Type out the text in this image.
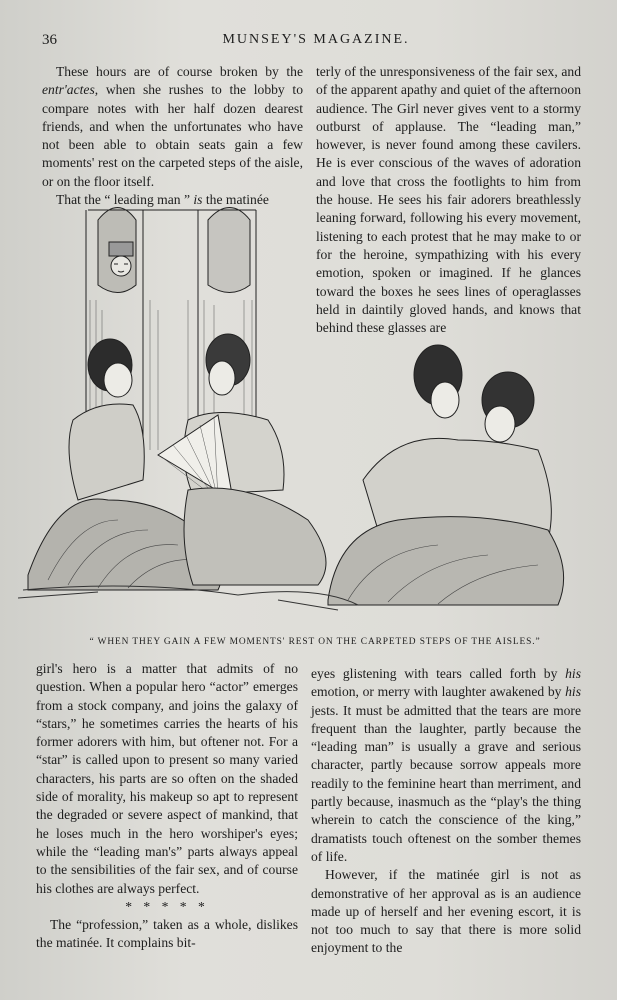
36	MUNSEY'S MAGAZINE.

These hours are of course broken by the entr'actes, when she rushes to the lobby to compare notes with her half dozen dearest friends, and when the unfortunates who have not been able to obtain seats gain a few moments' rest on the carpeted steps of the aisle, or on the floor itself.

That the “ leading man ” is the matinée

terly of the unresponsiveness of the fair sex, and of the apparent apathy and quiet of the afternoon audience. The Girl never gives vent to a stormy outburst of applause. The “leading man,” however, is never found among these cavilers. He is ever conscious of the waves of adoration and love that cross the footlights to him from the house. He sees his fair adorers breathlessly leaning forward, following his every movement, listening to each protest that he may make to or for the heroine, sympathizing with his every emotion, spoken or imagined. If he glances toward the boxes he sees lines of operaglasses held in daintily gloved hands, and knows that behind these glasses are

“ WHEN THEY GAIN A FEW MOMENTS' REST ON THE CARPETED STEPS OF THE AISLES.”

girl's hero is a matter that admits of no question. When a popular hero “actor” emerges from a stock company, and joins the galaxy of “stars,” he sometimes carries the hearts of his former adorers with him, but oftener not. For a “star” is called upon to present so many varied characters, his parts are so often on the shaded side of morality, his makeup so apt to represent the degraded or severe aspect of mankind, that he loses much in the hero worshiper's eyes; while the “leading man's” parts always appeal to the sensibilities of the fair sex, and of course his clothes are always perfect.

* * * * *

The “profession,” taken as a whole, dislikes the matinée. It complains bit-

eyes glistening with tears called forth by his emotion, or merry with laughter awakened by his jests. It must be admitted that the tears are more frequent than the laughter, partly because the “leading man” is usually a grave and serious character, partly because sorrow appeals more readily to the feminine heart than merriment, and partly because, inasmuch as the “play's the thing wherein to catch the conscience of the king,” dramatists touch oftenest on the somber themes of life.

However, if the matinée girl is not as demonstrative of her approval as is an audience made up of herself and her evening escort, it is not too much to say that there is more solid enjoyment to the
